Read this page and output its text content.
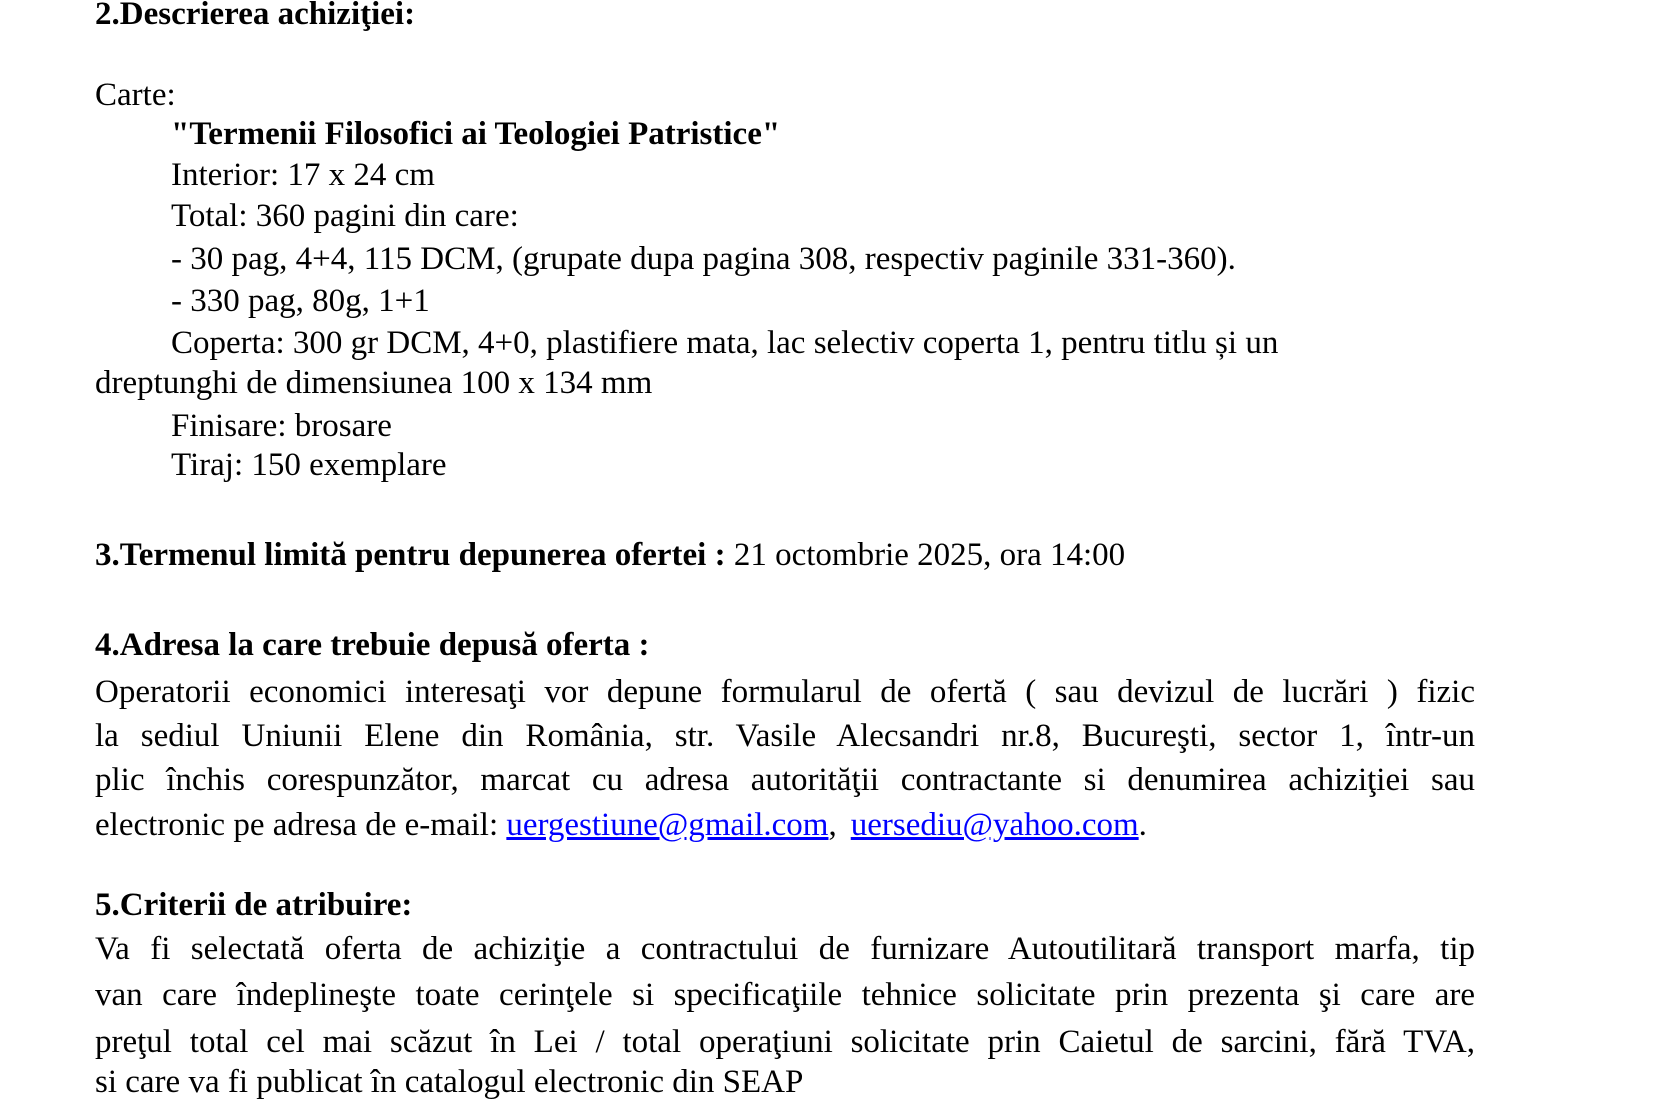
2.Descrierea achiziţiei:
Carte:
"Termenii Filosofici ai Teologiei Patristice"
Interior: 17 x 24 cm
Total: 360 pagini din care:
- 30 pag, 4+4, 115 DCM, (grupate dupa pagina 308, respectiv paginile 331-360).
- 330 pag, 80g, 1+1
Coperta: 300 gr DCM, 4+0, plastifiere mata, lac selectiv coperta 1, pentru titlu și un
dreptunghi de dimensiunea 100 x 134 mm
Finisare: brosare
Tiraj: 150 exemplare
3.Termenul limită pentru depunerea ofertei : 21 octombrie 2025, ora 14:00
4.Adresa la care trebuie depusă oferta :
Operatorii economici interesaţi vor depune formularul de ofertă ( sau devizul de lucrări ) fizic
la sediul Uniunii Elene din România, str. Vasile Alecsandri nr.8, Bucureşti, sector 1, într-un
plic închis corespunzător, marcat cu adresa autorităţii contractante si denumirea achiziţiei sau
electronic pe adresa de e-mail: uergestiune@gmail.com, uersediu@yahoo.com.
5.Criterii de atribuire:
Va fi selectată oferta de achiziţie a contractului de furnizare Autoutilitară transport marfa, tip
van care îndeplineşte toate cerinţele si specificaţiile tehnice solicitate prin prezenta şi care are
preţul total cel mai scăzut în Lei / total operaţiuni solicitate prin Caietul de sarcini, fără TVA,
si care va fi publicat în catalogul electronic din SEAP
